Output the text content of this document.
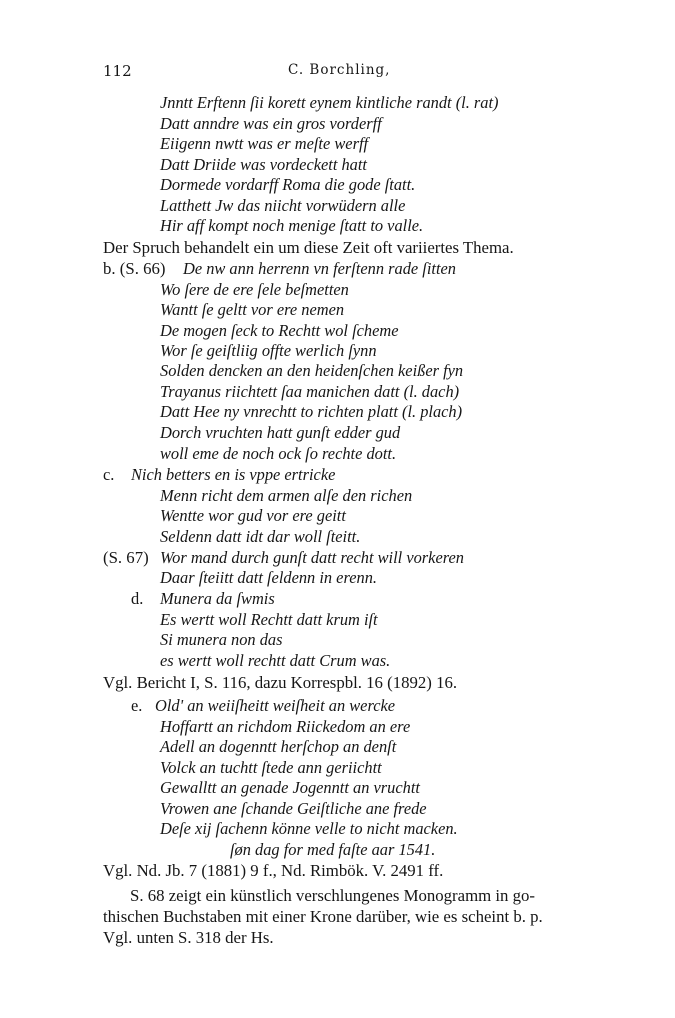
112	C. Borchling,
Jnntt Erftenn ſii korett eynem kintliche randt (l. rat)
Datt anndre was ein gros vorderff
Eiigenn nwtt was er meſte werff
Datt Driide was vordeckett hatt
Dormede vordarff Roma die gode ſtatt.
Latthett Jw das niicht vorwüdern alle
Hir aff kompt noch menige ſtatt to valle.
Der Spruch behandelt ein um diese Zeit oft variiertes Thema.
b. (S. 66) De nw ann herrenn vn ferſtenn rade ſitten
Wo ſere de ere ſele beſmetten
Wantt ſe geltt vor ere nemen
De mogen ſeck to Rechtt wol ſcheme
Wor ſe geiſtliig offte werlich ſynn
Solden dencken an den heidenſchen keißer fyn
Trayanus riichtett ſaa manichen datt (l. dach)
Datt Hee ny vnrechtt to richten platt (l. plach)
Dorch vruchten hatt gunſt edder gud
woll eme de noch ock ſo rechte dott.
c. Nich betters en is vppe ertricke
Menn richt dem armen alſe den richen
Wentte wor gud vor ere geitt
Seldenn datt idt dar woll ſteitt.
(S. 67) Wor mand durch gunſt datt recht will vorkeren
Daar ſteiitt datt ſeldenn in erenn.
d. Munera da ſwmis
Es wertt woll Rechtt datt krum iſt
Si munera non das
es wertt woll rechtt datt Crum was.
Vgl. Bericht I, S. 116, dazu Korrespbl. 16 (1892) 16.
e. Old' an weiiſheitt weiſheit an wercke
Hoffartt an richdom Riickedom an ere
Adell an dogenntt herſchop an denſt
Volck an tuchtt ſtede ann geriichtt
Gewalltt an genade Jogenntt an vruchtt
Vrowen ane ſchande Geiſtliche ane frede
Deſe xij ſachenn könne velle to nicht macken.
ſøn dag for med faſte aar 1541.
Vgl. Nd. Jb. 7 (1881) 9 f., Nd. Rimbök. V. 2491 ff.
S. 68 zeigt ein künstlich verschlungenes Monogramm in go-
thischen Buchstaben mit einer Krone darüber, wie es scheint b. p.
Vgl. unten S. 318 der Hs.
